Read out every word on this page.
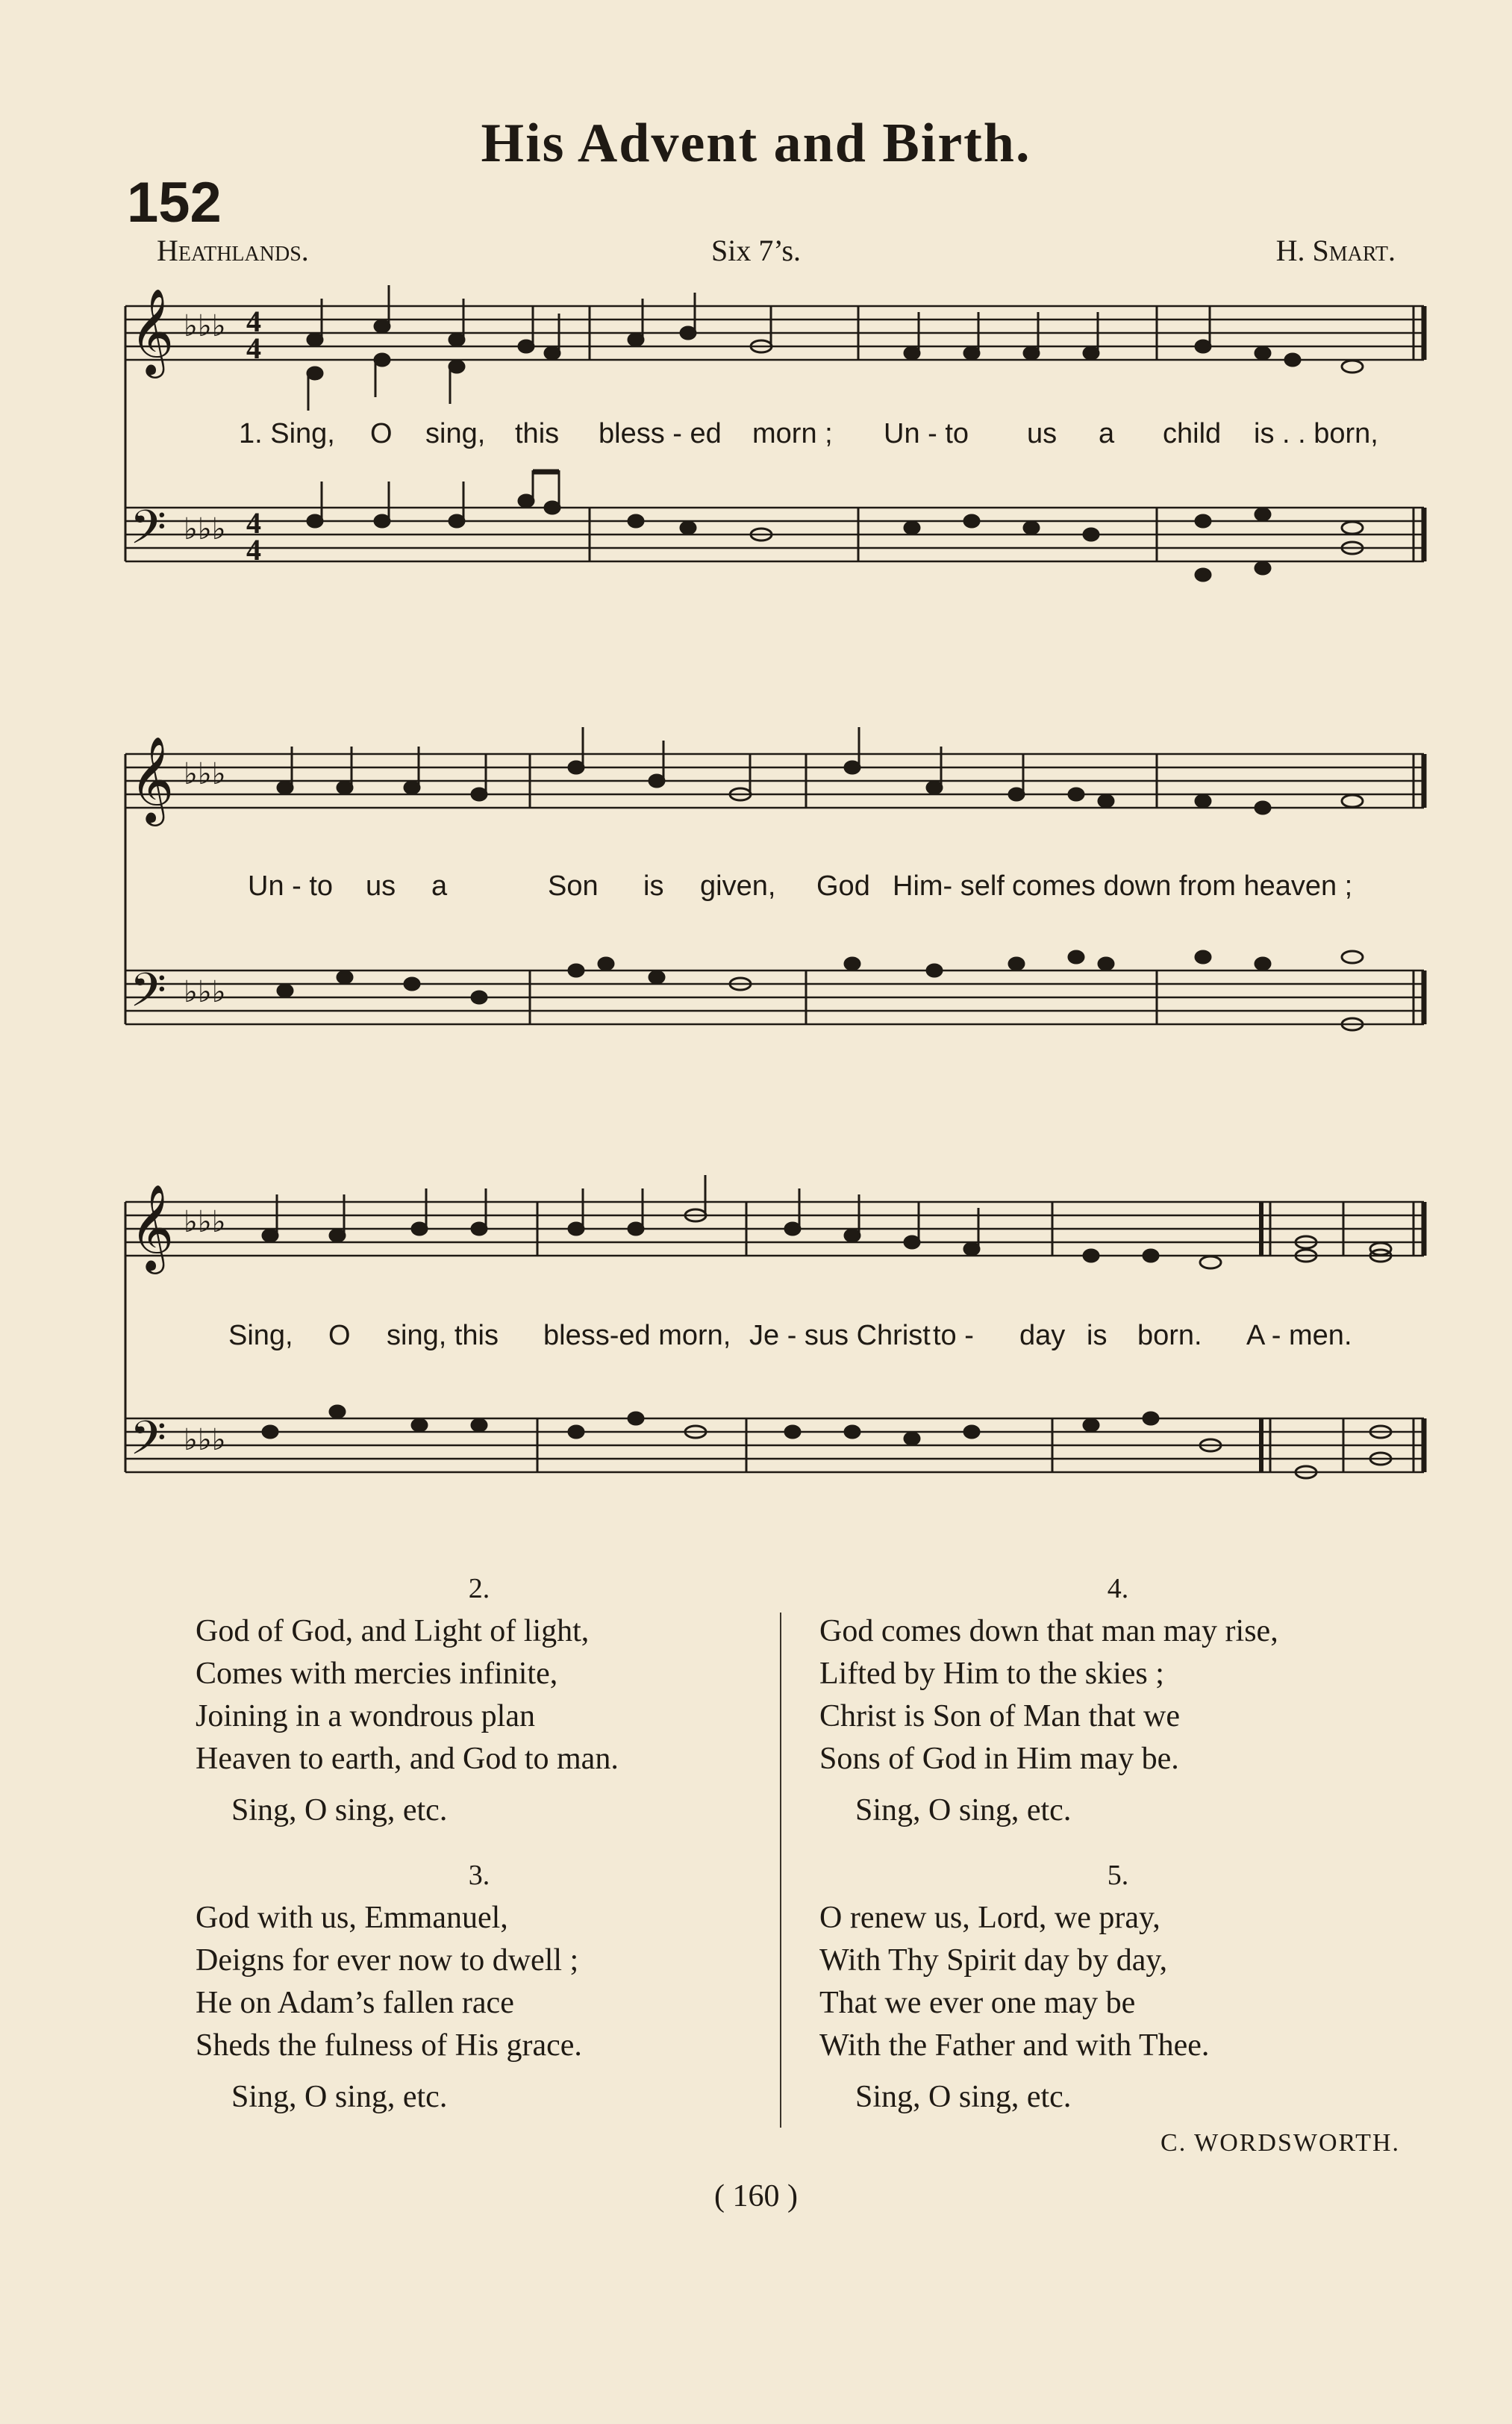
His Advent and Birth.
152
Heathlands.	Six 7’s.	H. Smart.
𝄞
𝄢
♭♭♭
♭♭♭
4
4
4
4
1. Sing, O sing, this bless - ed morn ; Un - to us a child is . . born,
𝄞
𝄢
♭♭♭
♭♭♭
Un - to us a	Son is given, God Him- self comes down from heaven ;
𝄞
𝄢
♭♭♭
♭♭♭
Sing, O sing, this bless-ed morn, Je - sus Christ to - day is born. A - men.
2.
God of God, and Light of light,
Comes with mercies infinite,
Joining in a wondrous plan
Heaven to earth, and God to man.
Sing, O sing, etc.
3.
God with us, Emmanuel,
Deigns for ever now to dwell ;
He on Adam’s fallen race
Sheds the fulness of His grace.
Sing, O sing, etc.
4.
God comes down that man may rise,
Lifted by Him to the skies ;
Christ is Son of Man that we
Sons of God in Him may be.
Sing, O sing, etc.
5.
O renew us, Lord, we pray,
With Thy Spirit day by day,
That we ever one may be
With the Father and with Thee.
Sing, O sing, etc.
C. WORDSWORTH.
( 160 )
